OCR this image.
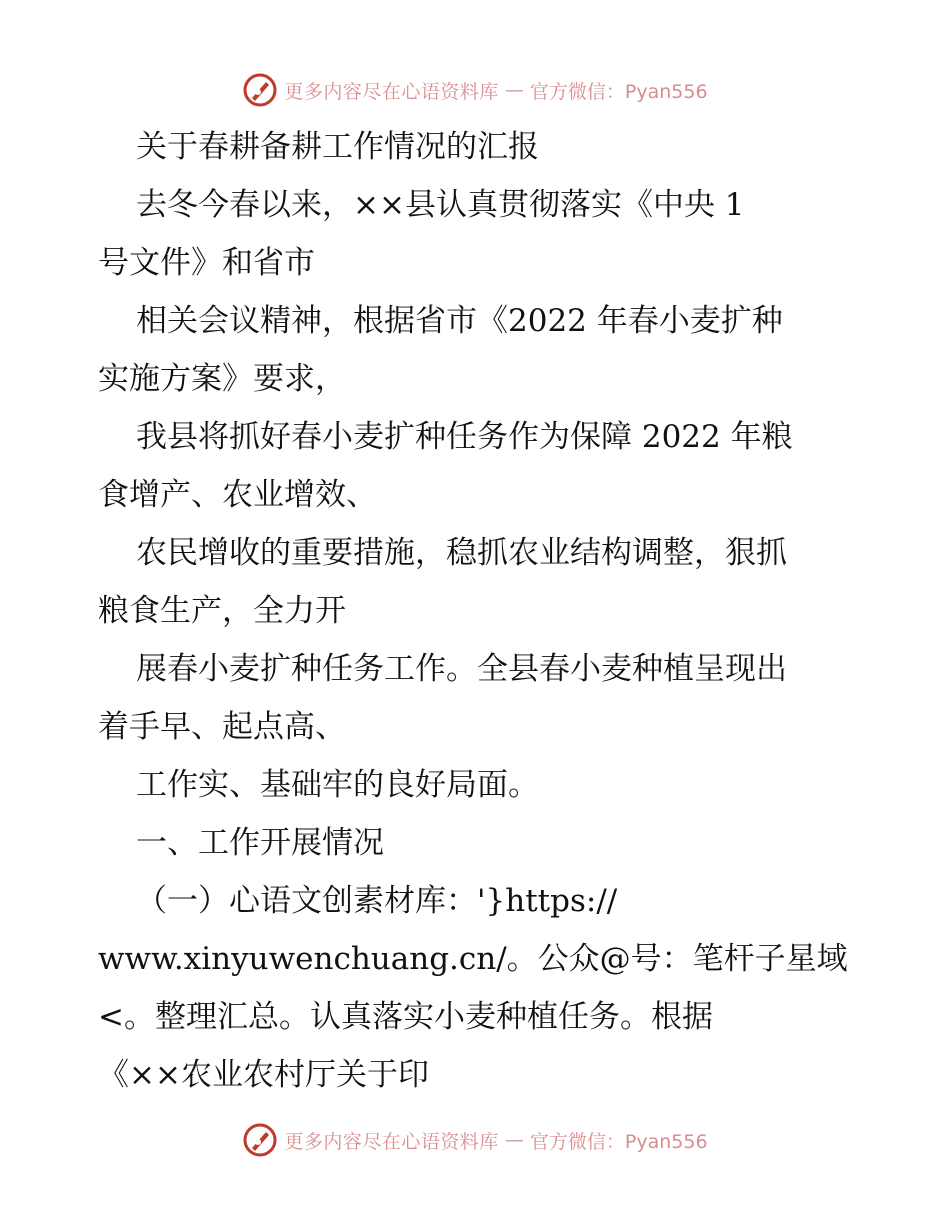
更多内容尽在心语资料库 — 官方微信：Pyan556
关于春耕备耕工作情况的汇报
去冬今春以来，××县认真贯彻落实《中央 1
号文件》和省市
相关会议精神，根据省市《2022 年春小麦扩种
实施方案》要求，
我县将抓好春小麦扩种任务作为保障 2022 年粮
食增产、农业增效、
农民增收的重要措施，稳抓农业结构调整，狠抓
粮食生产，全力开
展春小麦扩种任务工作。全县春小麦种植呈现出
着手早、起点高、
工作实、基础牢的良好局面。
一、工作开展情况
（一）心语文创素材库：'}https://
www.xinyuwenchuang.cn/。公众@号：笔杆子星域
<。整理汇总。认真落实小麦种植任务。根据
《××农业农村厅关于印
更多内容尽在心语资料库 — 官方微信：Pyan556
